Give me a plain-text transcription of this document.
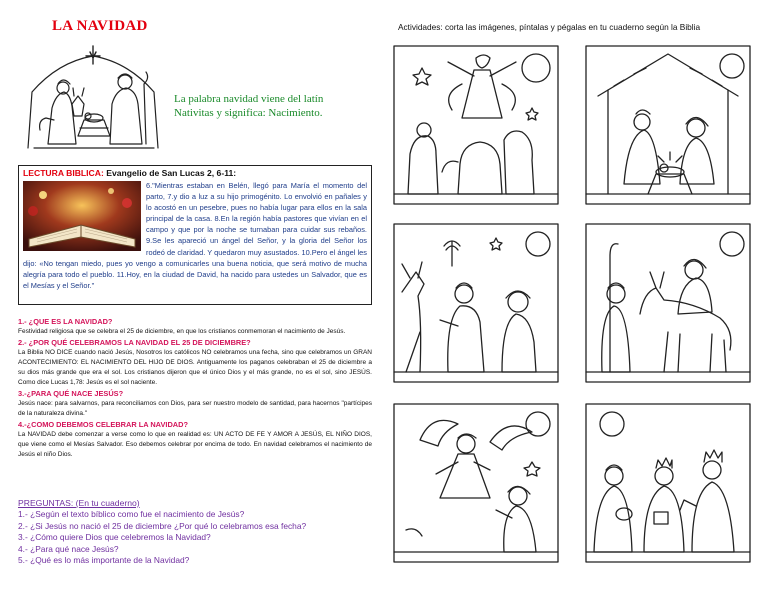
LA NAVIDAD
La palabra navidad viene del latín Nativitas y significa: Nacimiento.
LECTURA BIBLICA: Evangelio de San Lucas 2, 6-11:
6."Mientras estaban en Belén, llegó para María el momento del parto, 7.y dio a luz a su hijo primogénito. Lo envolvió en pañales y lo acostó en un pesebre, pues no había lugar para ellos en la sala principal de la casa. 8.En la región había pastores que vivían en el campo y que por la noche se turnaban para cuidar sus rebaños. 9.Se les apareció un ángel del Señor, y la gloria del Señor los rodeó de claridad. Y quedaron muy asustados. 10.Pero el ángel les dijo: «No tengan miedo, pues yo vengo a comunicarles una buena noticia, que será motivo de mucha alegría para todo el pueblo. 11.Hoy, en la ciudad de David, ha nacido para ustedes un Salvador, que es el Mesías y el Señor."
1.- ¿QUE ES LA NAVIDAD?
Festividad religiosa que se celebra el 25 de diciembre, en que los cristianos conmemoran el nacimiento de Jesús.
2.- ¿POR QUÉ CELEBRAMOS LA NAVIDAD EL 25 DE DICIEMBRE?
La Biblia NO DICE cuando nació Jesús, Nosotros los católicos NO celebramos una fecha, sino que celebramos un GRAN ACONTECIMIENTO: EL NACIMIENTO DEL HIJO DE DIOS. Antiguamente los paganos celebraban el 25 de diciembre a su dios más grande que era el sol. Los cristianos dijeron que el único Dios y el más grande, no es el sol, sino JESÚS. Como dice Lucas 1,78: Jesús es el sol naciente.
3.-¿PARA QUÉ NACE JESÚS?
Jesús nace: para salvarnos, para reconciliarnos con Dios, para ser nuestro modelo de santidad, para hacernos "partícipes de la naturaleza divina."
4.-¿COMO DEBEMOS CELEBRAR LA NAVIDAD?
La NAVIDAD debe comenzar a verse como lo que en realidad es: UN ACTO DE FE Y AMOR A JESÚS, EL NIÑO DIOS, que viene como el Mesías Salvador. Eso debemos celebrar por encima de todo. En navidad celebramos el nacimiento de Jesús el niño Dios.
PREGUNTAS: (En tu cuaderno)
1.- ¿Según el texto bíblico como fue el nacimiento de Jesús?
2.- ¿Si Jesús no nació el 25 de diciembre ¿Por qué lo celebramos esa fecha?
3.- ¿Cómo quiere Dios que celebremos la Navidad?
4.- ¿Para qué nace Jesús?
5.- ¿Qué es lo más importante de la Navidad?
Actividades: corta las imágenes, píntalas y pégalas en tu cuaderno según la Biblia
